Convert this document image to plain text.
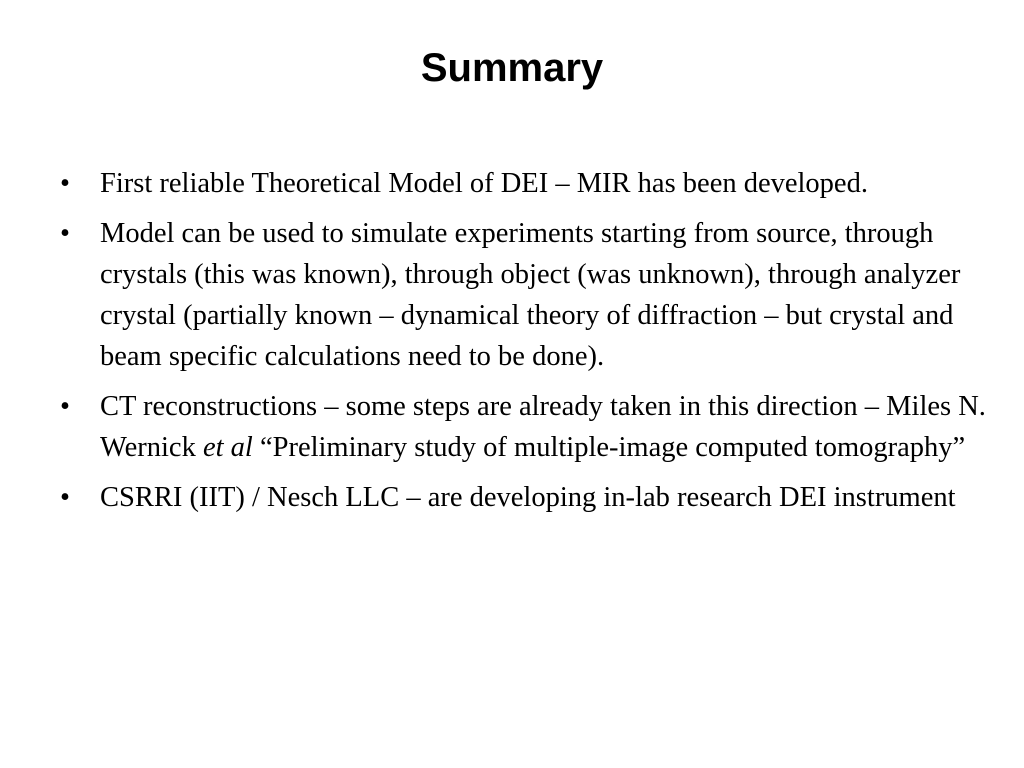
Summary
• First reliable Theoretical Model of DEI – MIR has been developed.
• Model can be used to simulate experiments starting from source, through crystals (this was known), through object (was unknown), through analyzer crystal (partially known – dynamical theory of diffraction – but crystal and beam specific calculations need to be done).
• CT reconstructions – some steps are already taken in this direction – Miles N. Wernick et al “Preliminary study of multiple-image computed tomography”
• CSRRI (IIT) / Nesch LLC – are developing in-lab research DEI instrument
